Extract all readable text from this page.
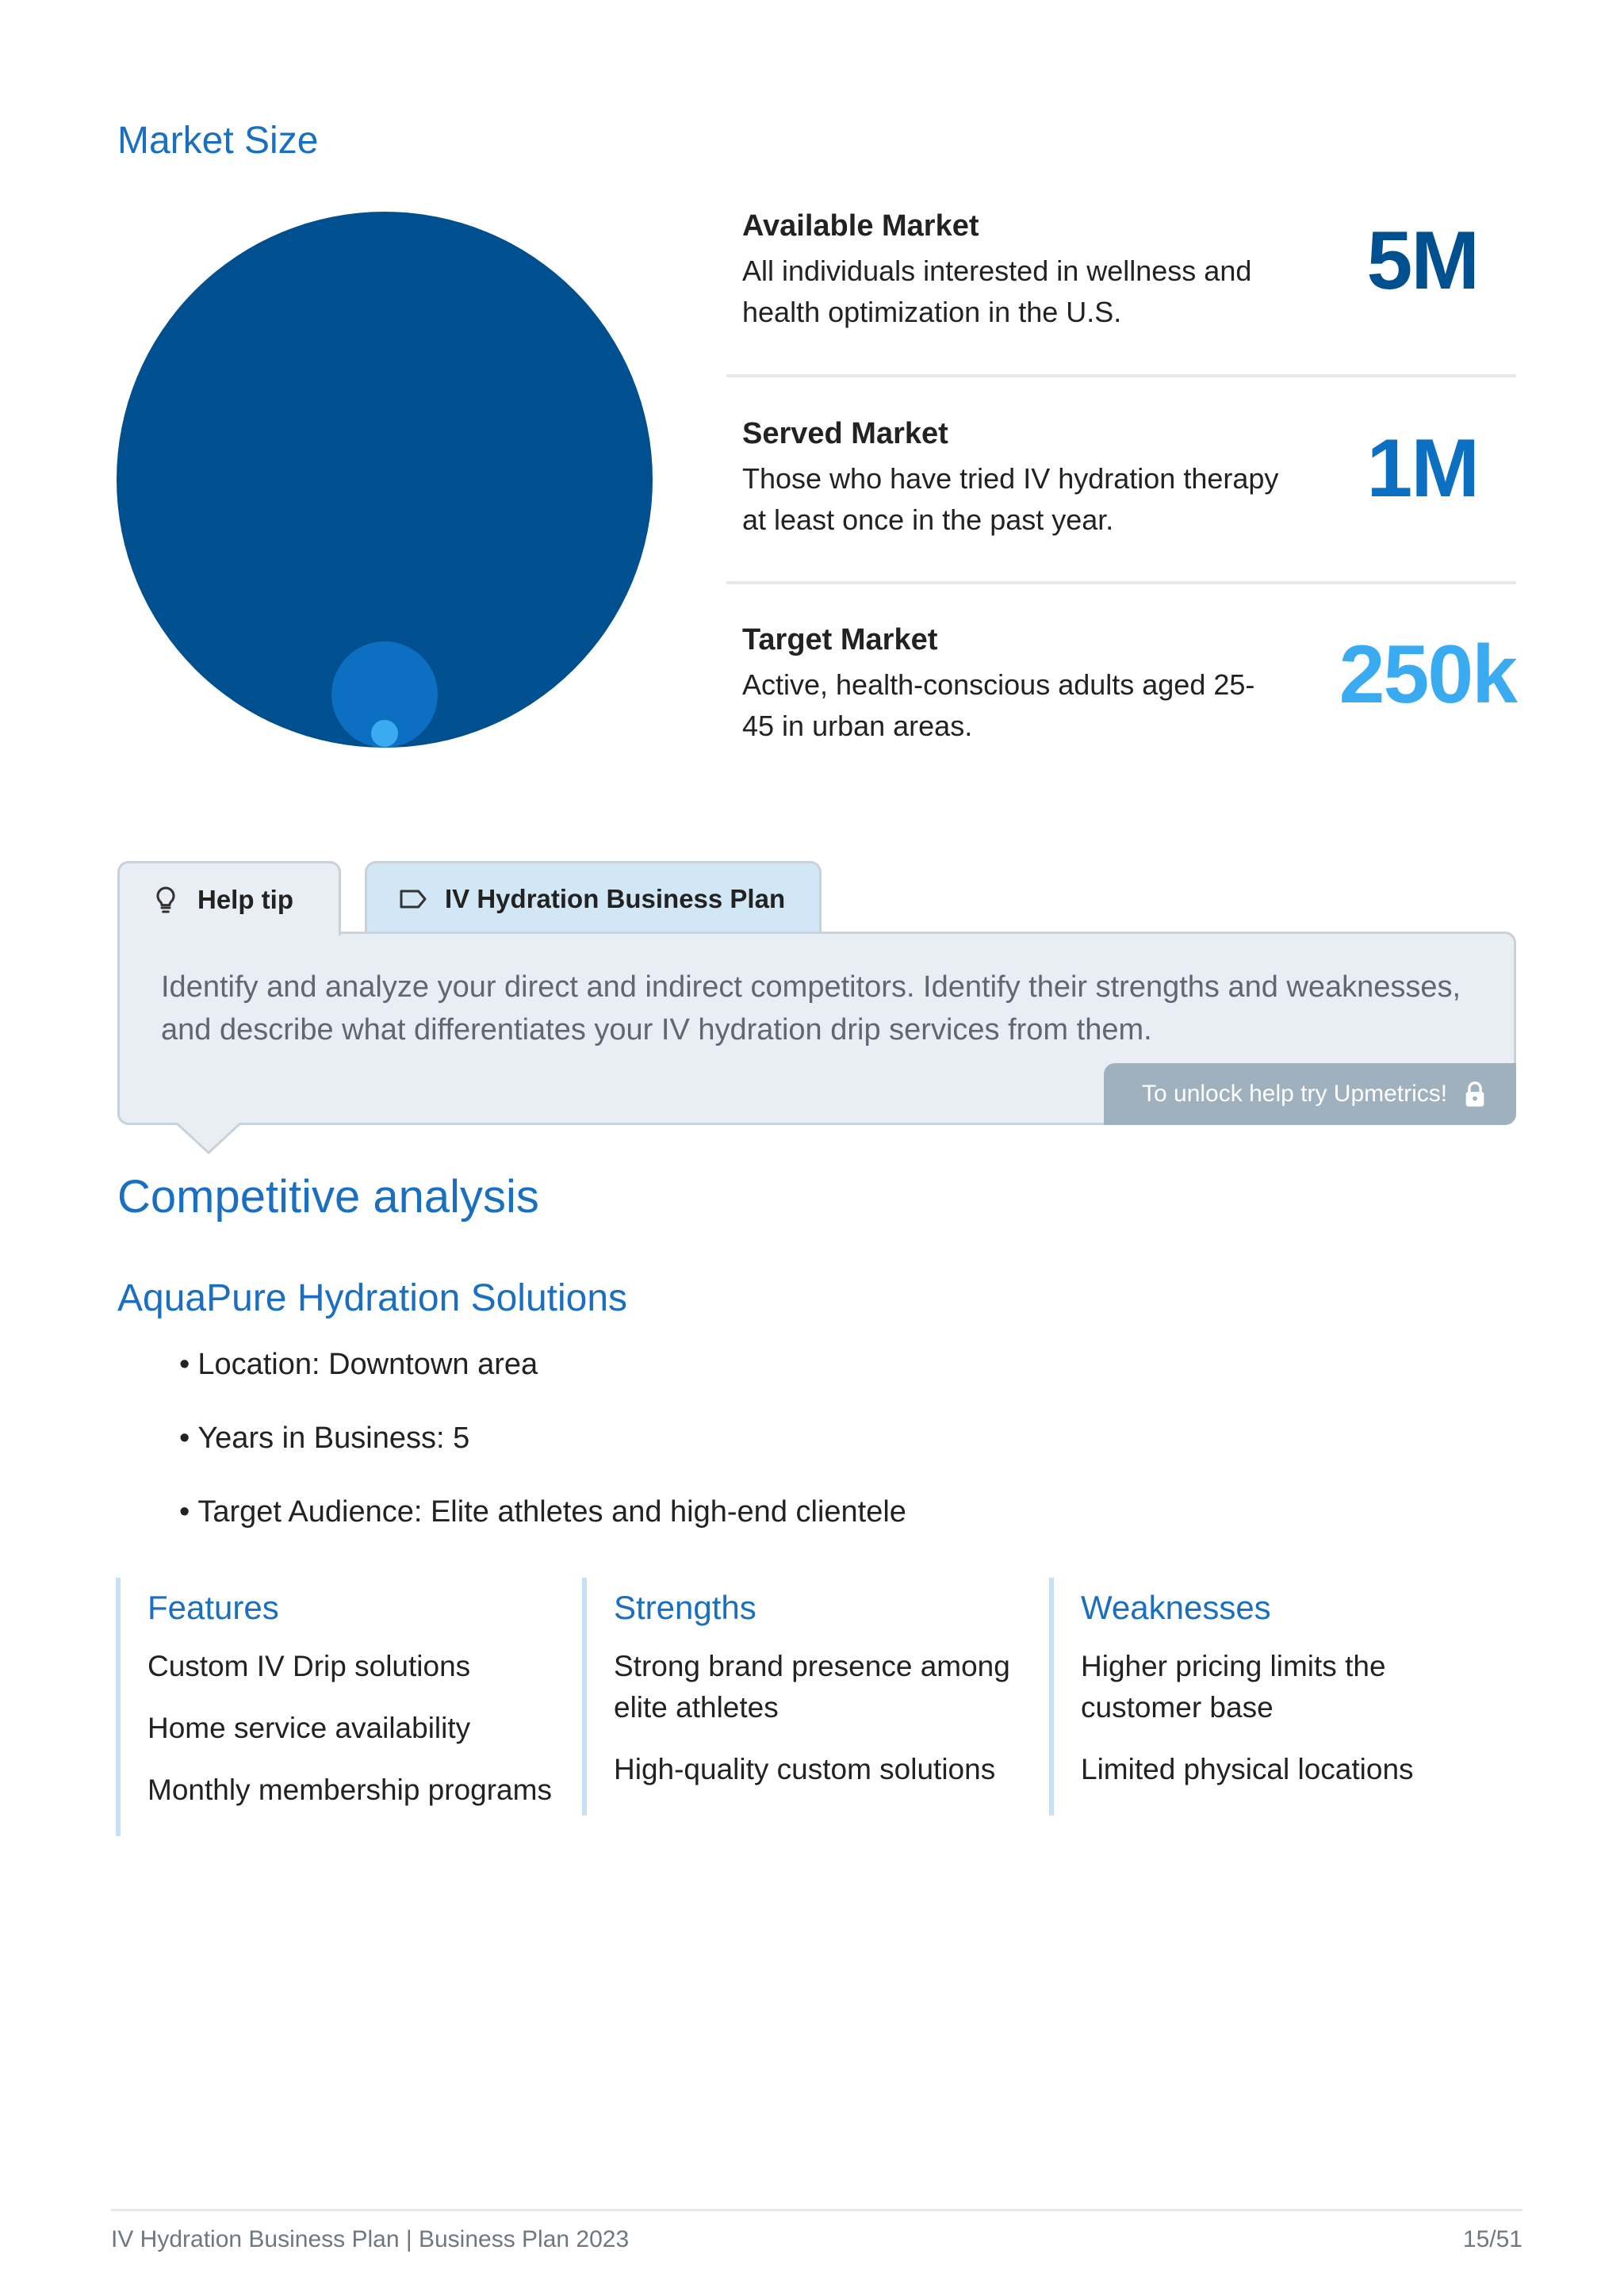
Market Size
Available Market
All individuals interested in wellness and health optimization in the U.S.
5M
Served Market
Those who have tried IV hydration therapy at least once in the past year.
1M
Target Market
Active, health-conscious adults aged 25-45 in urban areas.
250k
Help tip	IV Hydration Business Plan
Identify and analyze your direct and indirect competitors. Identify their strengths and weaknesses, and describe what differentiates your IV hydration drip services from them.
To unlock help try Upmetrics!
Competitive analysis
AquaPure Hydration Solutions
• Location: Downtown area
• Years in Business: 5
• Target Audience: Elite athletes and high-end clientele
Features
Custom IV Drip solutions
Home service availability
Monthly membership programs
Strengths
Strong brand presence among elite athletes
High-quality custom solutions
Weaknesses
Higher pricing limits the customer base
Limited physical locations
IV Hydration Business Plan | Business Plan 2023	15/51
